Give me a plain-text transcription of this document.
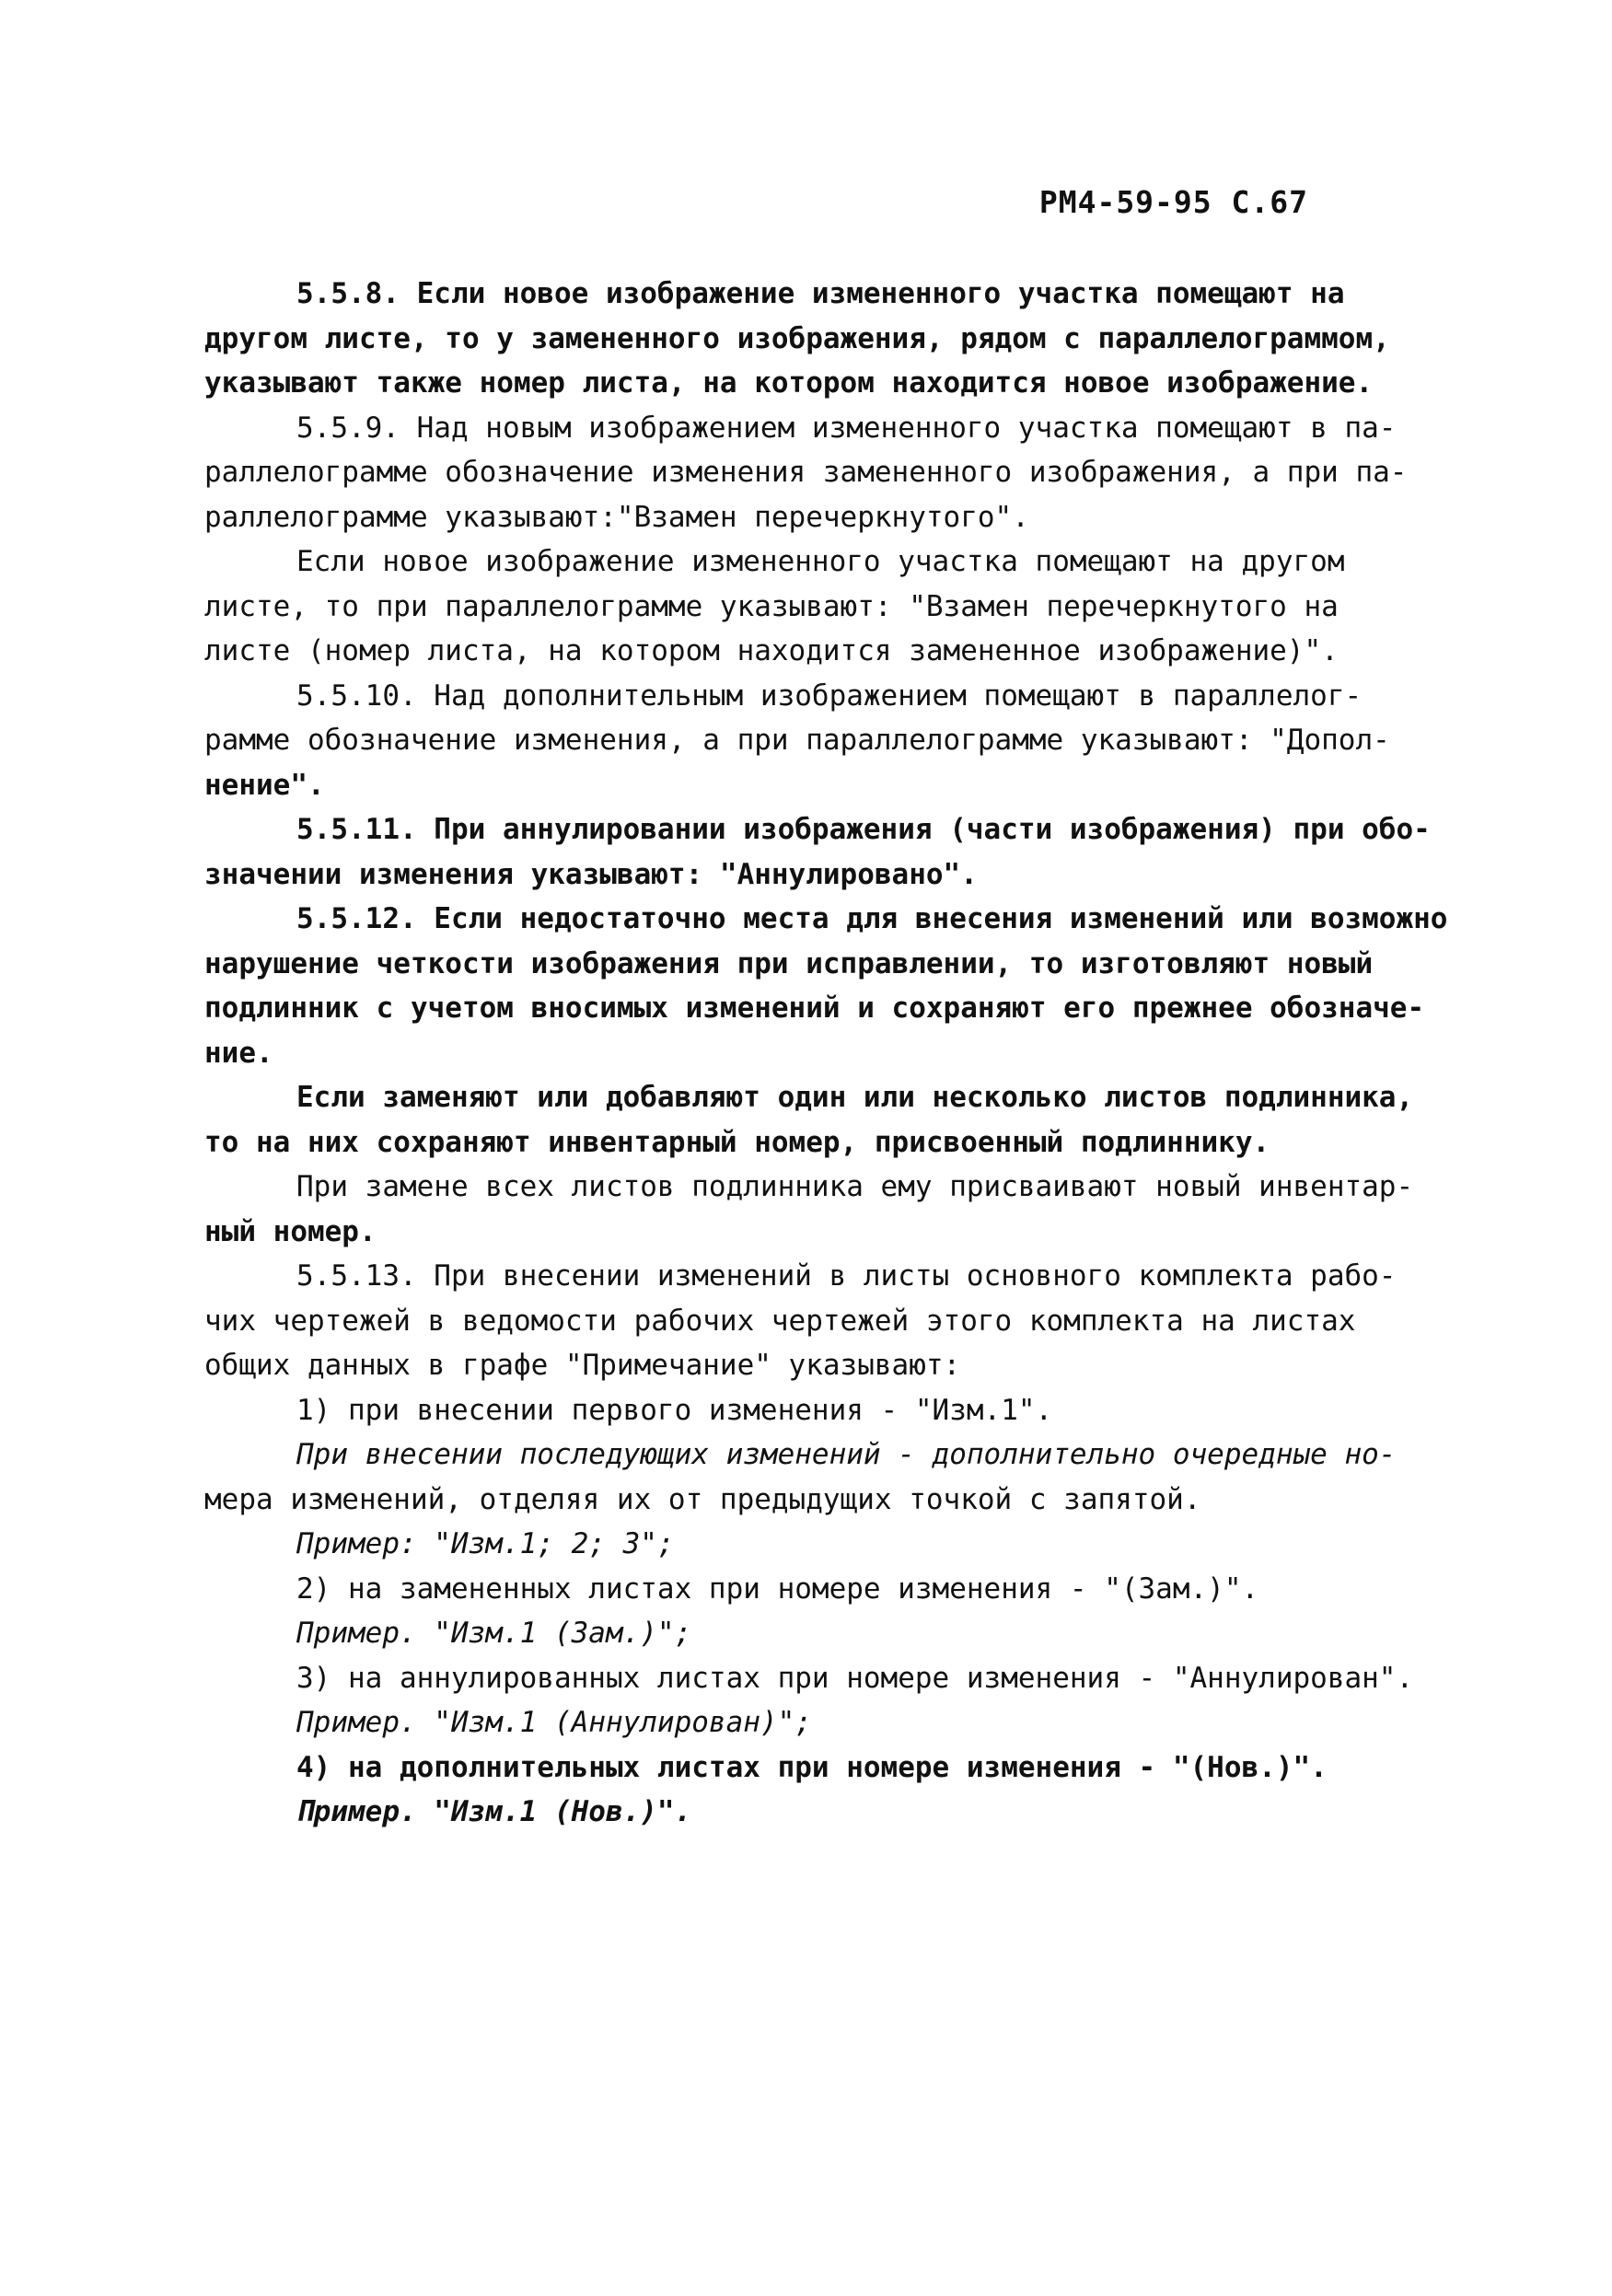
РМ4-59-95 С.67
5.5.8. Если новое изображение измененного участка помещают на
другом листе, то у замененного изображения, рядом с параллелограммом,
указывают также номер листа, на котором находится новое изображение.
5.5.9. Над новым изображением измененного участка помещают в па-
раллелограмме обозначение изменения замененного изображения, а при па-
раллелограмме указывают:"Взамен перечеркнутого".
Если новое изображение измененного участка помещают на другом
листе, то при параллелограмме указывают: "Взамен перечеркнутого на
листе (номер листа, на котором находится замененное изображение)".
5.5.10. Над дополнительным изображением помещают в параллелог-
рамме обозначение изменения, а при параллелограмме указывают: "Допол-
нение".
5.5.11. При аннулировании изображения (части изображения) при обо-
значении изменения указывают: "Аннулировано".
5.5.12. Если недостаточно места для внесения изменений или возможно
нарушение четкости изображения при исправлении, то изготовляют новый
подлинник с учетом вносимых изменений и сохраняют его прежнее обозначе-
ние.
Если заменяют или добавляют один или несколько листов подлинника,
то на них сохраняют инвентарный номер, присвоенный подлиннику.
При замене всех листов подлинника ему присваивают новый инвентар-
ный номер.
5.5.13. При внесении изменений в листы основного комплекта рабо-
чих чертежей в ведомости рабочих чертежей этого комплекта на листах
общих данных в графе "Примечание" указывают:
1) при внесении первого изменения - "Изм.1".
При внесении последующих изменений - дополнительно очередные но-
мера изменений, отделяя их от предыдущих точкой с запятой.
Пример: "Изм.1; 2; 3";
2) на замененных листах при номере изменения - "(Зам.)".
Пример. "Изм.1 (Зам.)";
3) на аннулированных листах при номере изменения - "Аннулирован".
Пример. "Изм.1 (Аннулирован)";
4) на дополнительных листах при номере изменения - "(Нов.)".
Пример. "Изм.1 (Нов.)".
